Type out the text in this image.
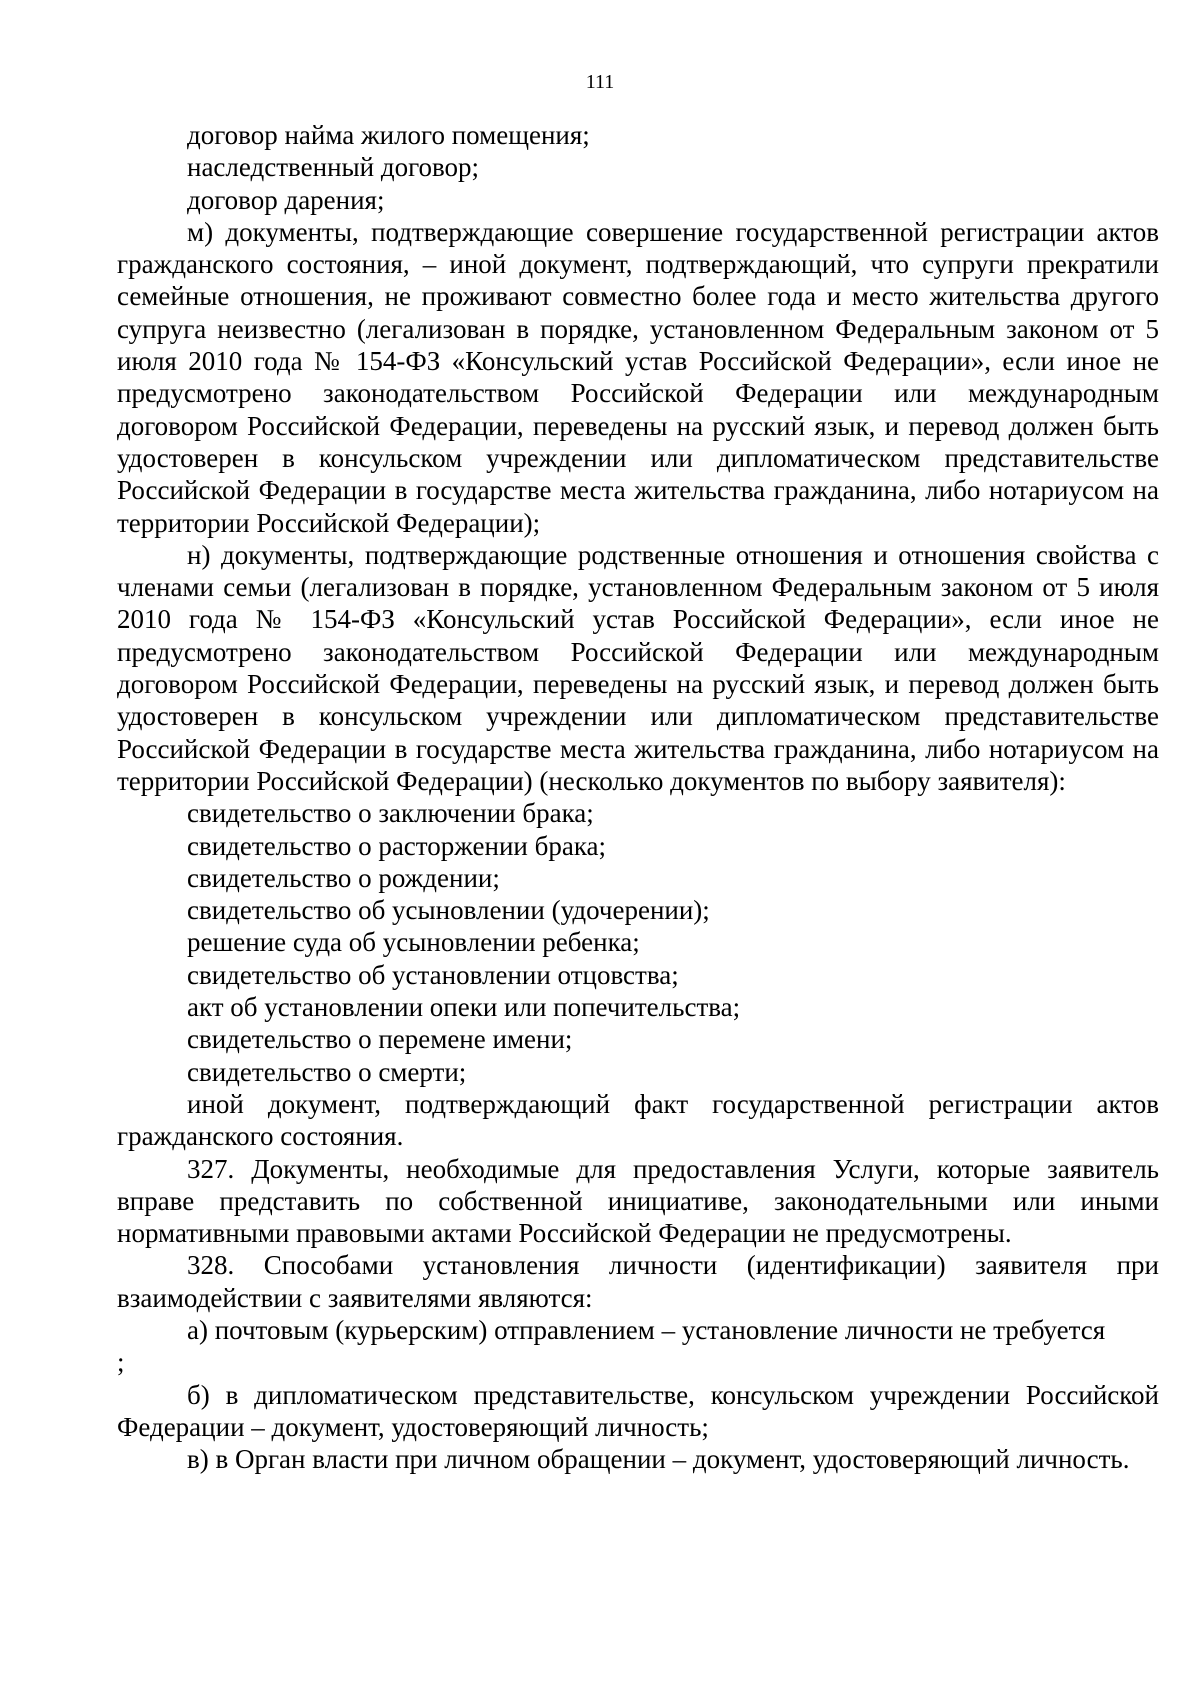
111

договор найма жилого помещения;

наследственный договор;

договор дарения;

м) документы, подтверждающие совершение государственной регистрации актов гражданского состояния, – иной документ, подтверждающий, что супруги прекратили семейные отношения, не проживают совместно более года и место жительства другого супруга неизвестно (легализован в порядке, установленном Федеральным законом от 5 июля 2010 года № 154-ФЗ «Консульский устав Российской Федерации», если иное не предусмотрено законодательством Российской Федерации или международным договором Российской Федерации, переведены на русский язык, и перевод должен быть удостоверен в консульском учреждении или дипломатическом представительстве Российской Федерации в государстве места жительства гражданина, либо нотариусом на территории Российской Федерации);

н) документы, подтверждающие родственные отношения и отношения свойства с членами семьи (легализован в порядке, установленном Федеральным законом от 5 июля 2010 года № 154-ФЗ «Консульский устав Российской Федерации», если иное не предусмотрено законодательством Российской Федерации или международным договором Российской Федерации, переведены на русский язык, и перевод должен быть удостоверен в консульском учреждении или дипломатическом представительстве Российской Федерации в государстве места жительства гражданина, либо нотариусом на территории Российской Федерации) (несколько документов по выбору заявителя):

свидетельство о заключении брака;

свидетельство о расторжении брака;

свидетельство о рождении;

свидетельство об усыновлении (удочерении);

решение суда об усыновлении ребенка;

свидетельство об установлении отцовства;

акт об установлении опеки или попечительства;

свидетельство о перемене имени;

свидетельство о смерти;

иной документ, подтверждающий факт государственной регистрации актов гражданского состояния.

327. Документы, необходимые для предоставления Услуги, которые заявитель вправе представить по собственной инициативе, законодательными или иными нормативными правовыми актами Российской Федерации не предусмотрены.

328. Способами установления личности (идентификации) заявителя при взаимодействии с заявителями являются:

а) почтовым (курьерским) отправлением – установление личности не требуется

;

б) в дипломатическом представительстве, консульском учреждении Российской Федерации – документ, удостоверяющий личность;

в) в Орган власти при личном обращении – документ, удостоверяющий личность.
